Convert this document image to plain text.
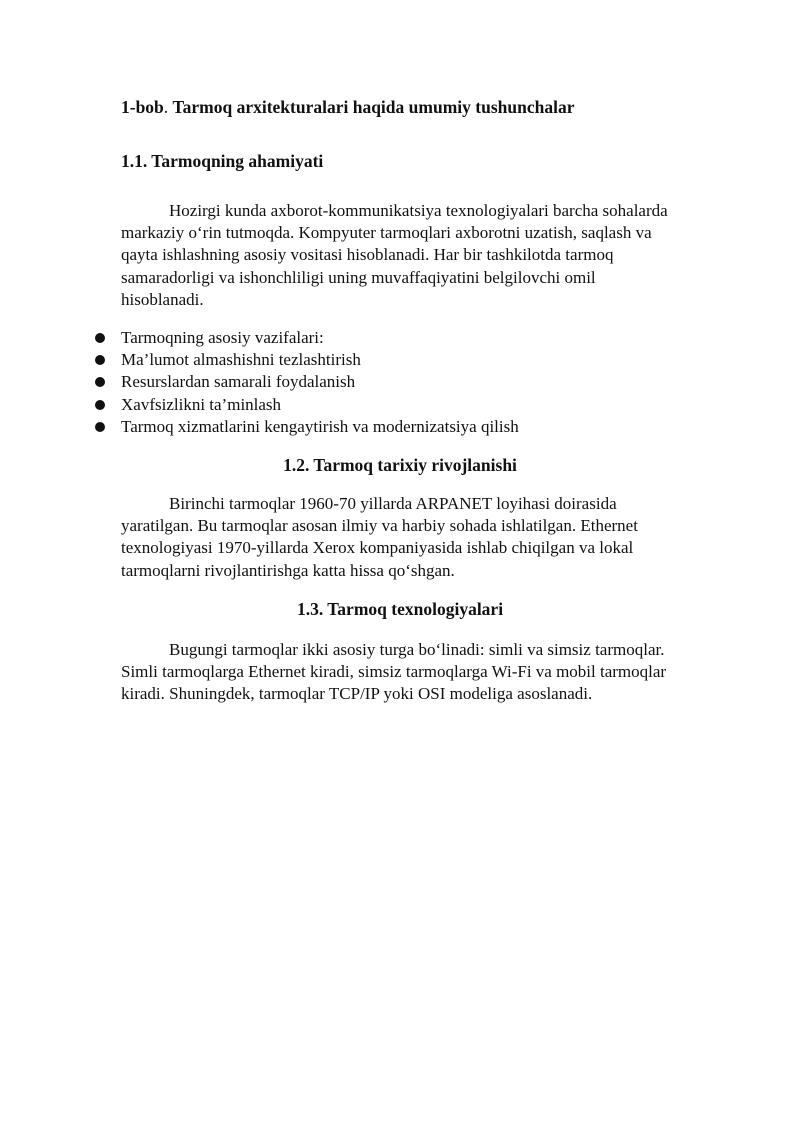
1-bob. Tarmoq arxitekturalari haqida umumiy tushunchalar
1.1. Tarmoqning ahamiyati

Hozirgi kunda axborot-kommunikatsiya texnologiyalari barcha sohalarda markaziy o‘rin tutmoqda. Kompyuter tarmoqlari axborotni uzatish, saqlash va qayta ishlashning asosiy vositasi hisoblanadi. Har bir tashkilotda tarmoq samaradorligi va ishonchliligi uning muvaffaqiyatini belgilovchi omil hisoblanadi.

Tarmoqning asosiy vazifalari:
Ma’lumot almashishni tezlashtirish
Resurslardan samarali foydalanish
Xavfsizlikni ta’minlash
Tarmoq xizmatlarini kengaytirish va modernizatsiya qilish
1.2. Tarmoq tarixiy rivojlanishi

Birinchi tarmoqlar 1960-70 yillarda ARPANET loyihasi doirasida yaratilgan. Bu tarmoqlar asosan ilmiy va harbiy sohada ishlatilgan. Ethernet texnologiyasi 1970-yillarda Xerox kompaniyasida ishlab chiqilgan va lokal tarmoqlarni rivojlantirishga katta hissa qo‘shgan.

1.3. Tarmoq texnologiyalari

Bugungi tarmoqlar ikki asosiy turga bo‘linadi: simli va simsiz tarmoqlar. Simli tarmoqlarga Ethernet kiradi, simsiz tarmoqlarga Wi-Fi va mobil tarmoqlar kiradi. Shuningdek, tarmoqlar TCP/IP yoki OSI modeliga asoslanadi.
